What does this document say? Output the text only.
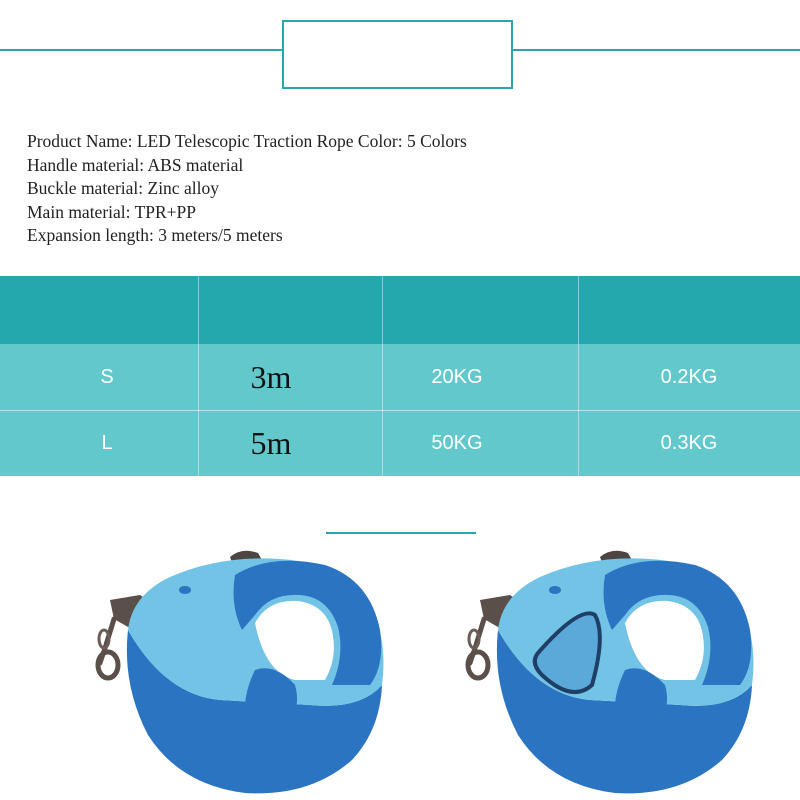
Product Name: LED Telescopic Traction Rope Color: 5 Colors
Handle material: ABS material
Buckle material: Zinc alloy
Main material: TPR+PP
Expansion length: 3 meters/5 meters
S	3m	20KG	0.2KG
L	5m	50KG	0.3KG
